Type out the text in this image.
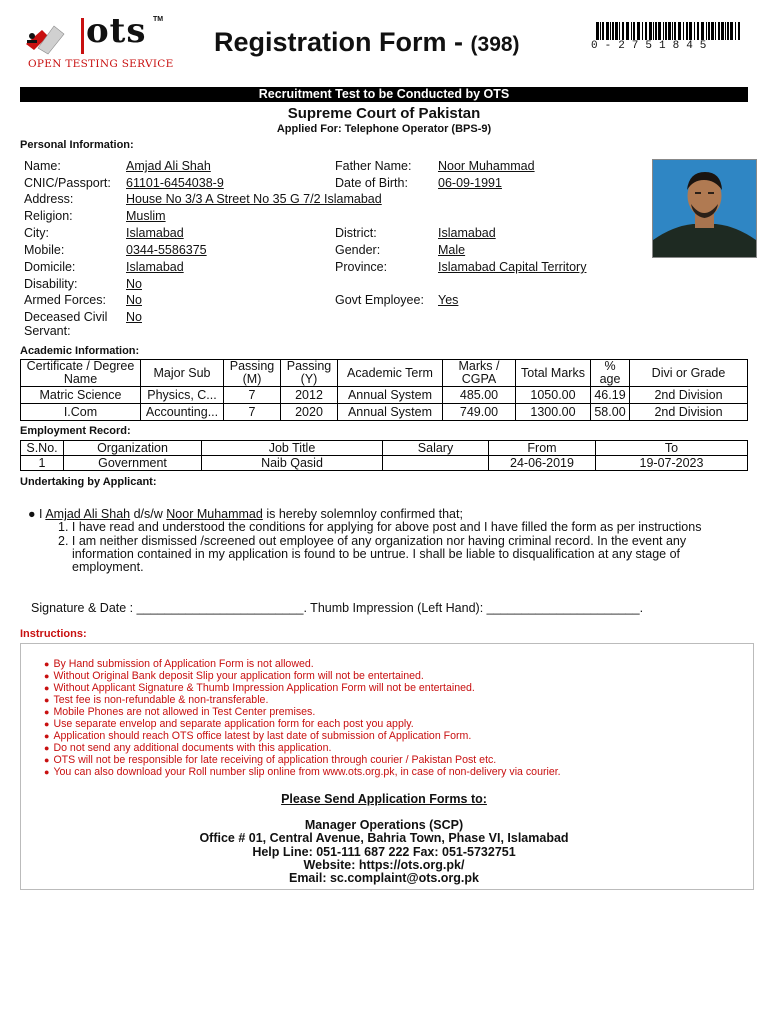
ots TM
OPEN TESTING SERVICE
Registration Form - (398)	0-2751845
Recruitment Test to be Conducted by OTS
Supreme Court of Pakistan
Applied For: Telephone Operator (BPS-9)
Personal Information:
Name:	Amjad Ali Shah	Father Name: Noor Muhammad
CNIC/Passport: 61101-6454038-9	Date of Birth: 06-09-1991
Address:	House No 3/3 A Street No 35 G 7/2 Islamabad
Religion:	Muslim
City:	Islamabad	District:	Islamabad
Mobile:	0344-5586375	Gender:	Male
Domicile:	Islamabad	Province:	Islamabad Capital Territory
Disability:	No
Armed Forces: No	Govt Employee: Yes
Deceased Civil
Servant:
No
Academic Information:
Certificate / Degree Name	Major Sub	Passing (M)	Passing (Y)	Academic Term	Marks / CGPA	Total Marks	% age	Divi or Grade
Matric Science	Physics, C...	7	2012	Annual System	485.00	1050.00	46.19	2nd Division
I.Com	Accounting...	7	2020	Annual System	749.00	1300.00	58.00	2nd Division
Employment Record:
S.No.	Organization	Job Title	Salary	From	To
1	Government	Naib Qasid		24-06-2019	19-07-2023
Undertaking by Applicant:
● I Amjad Ali Shah d/s/w Noor Muhammad is hereby solemnloy confirmed that;
1. I have read and understood the conditions for applying for above post and I have filled the form as per instructions
2. I am neither dismissed /screened out employee of any organization nor having criminal record. In the event any
information contained in my application is found to be untrue. I shall be liable to disqualification at any stage of
employment.
Signature & Date : ________________________. Thumb Impression (Left Hand): ______________________.
Instructions:
● By Hand submission of Application Form is not allowed.
● Without Original Bank deposit Slip your application form will not be entertained.
● Without Applicant Signature & Thumb Impression Application Form will not be entertained.
● Test fee is non-refundable & non-transferable.
● Mobile Phones are not allowed in Test Center premises.
● Use separate envelop and separate application form for each post you apply.
● Application should reach OTS office latest by last date of submission of Application Form.
● Do not send any additional documents with this application.
● OTS will not be responsible for late receiving of application through courier / Pakistan Post etc.
● You can also download your Roll number slip online from www.ots.org.pk, in case of non-delivery via courier.
Please Send Application Forms to:
Manager Operations (SCP)
Office # 01, Central Avenue, Bahria Town, Phase VI, Islamabad
Help Line: 051-111 687 222 Fax: 051-5732751
Website: https://ots.org.pk/
Email: sc.complaint@ots.org.pk
